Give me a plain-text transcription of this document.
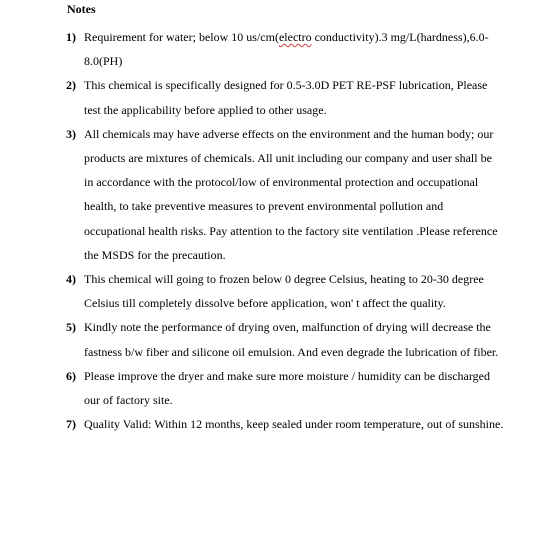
Notes
1) Requirement for water; below 10 us/cm(electro conductivity).3 mg/L(hardness),6.0-8.0(PH)
2) This chemical is specifically designed for 0.5-3.0D PET RE-PSF lubrication, Please test the applicability before applied to other usage.
3) All chemicals may have adverse effects on the environment and the human body; our products are mixtures of chemicals. All unit including our company and user shall be in accordance with the protocol/low of environmental protection and occupational health, to take preventive measures to prevent environmental pollution and occupational health risks. Pay attention to the factory site ventilation .Please reference the MSDS for the precaution.
4) This chemical will going to frozen below 0 degree Celsius, heating to 20-30 degree Celsius till completely dissolve before application, won' t affect the quality.
5) Kindly note the performance of drying oven, malfunction of drying will decrease the fastness b/w fiber and silicone oil emulsion. And even degrade the lubrication of fiber.
6) Please improve the dryer and make sure more moisture / humidity can be discharged our of factory site.
7) Quality Valid: Within 12 months, keep sealed under room temperature, out of sunshine.
